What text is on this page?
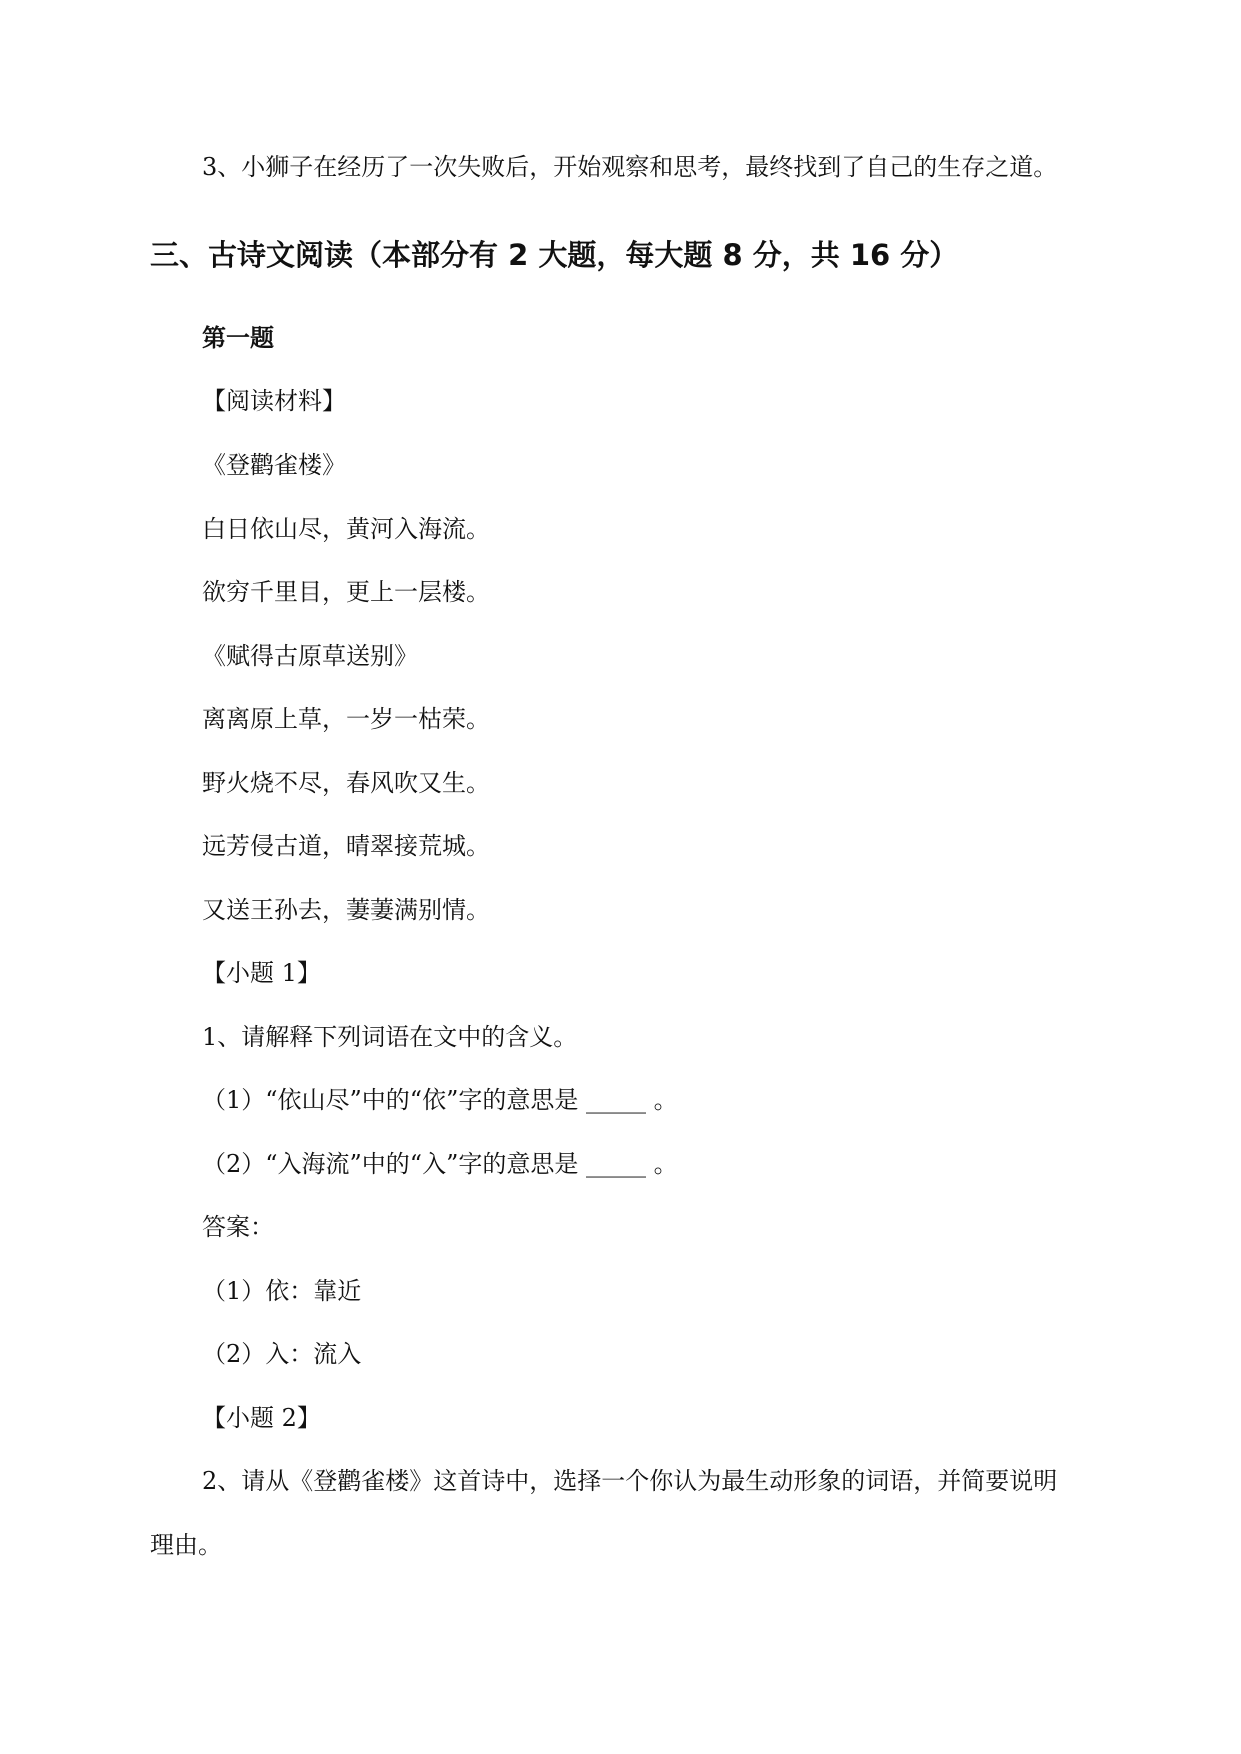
3、小狮子在经历了一次失败后，开始观察和思考，最终找到了自己的生存之道。
三、古诗文阅读（本部分有 2 大题，每大题 8 分，共 16 分）
第一题
【阅读材料】
《登鹳雀楼》
白日依山尽，黄河入海流。
欲穷千里目，更上一层楼。
《赋得古原草送别》
离离原上草，一岁一枯荣。
野火烧不尽，春风吹又生。
远芳侵古道，晴翠接荒城。
又送王孙去，萋萋满别情。
【小题 1】
1、请解释下列词语在文中的含义。
（1）“依山尽”中的“依”字的意思是 _____ 。
（2）“入海流”中的“入”字的意思是 _____ 。
答案：
（1）依：靠近
（2）入：流入
【小题 2】
2、请从《登鹳雀楼》这首诗中，选择一个你认为最生动形象的词语，并简要说明
理由。
